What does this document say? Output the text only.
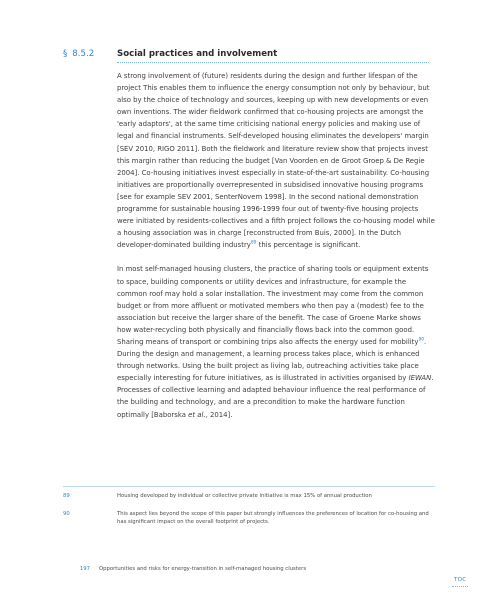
§ 8.5.2	Social practices and involvement

A strong involvement of (future) residents during the design and further lifespan of the project This enables them to influence the energy consumption not only by behaviour, but also by the choice of technology and sources, keeping up with new developments or even own inventions. The wider fieldwork confirmed that co-housing projects are amongst the 'early adaptors', at the same time criticising national energy policies and making use of legal and financial instruments. Self-developed housing eliminates the developers' margin [SEV 2010, RIGO 2011]. Both the fieldwork and literature review show that projects invest this margin rather than reducing the budget [Van Voorden en de Groot Groep & De Regie 2004]. Co-housing initiatives invest especially in state-of-the-art sustainability. Co-housing initiatives are proportionally overrepresented in subsidised innovative housing programs [see for example SEV 2001, SenterNovem 1998]. In the second national demonstration programme for sustainable housing 1996-1999 four out of twenty-five housing projects were initiated by residents-collectives and a fifth project follows the co-housing model while a housing association was in charge [reconstructed from Buis, 2000]. In the Dutch developer-dominated building industry$^{89}$ this percentage is significant.

In most self-managed housing clusters, the practice of sharing tools or equipment extents to space, building components or utility devices and infrastructure, for example the common roof may hold a solar installation. The investment may come from the common budget or from more affluent or motivated members who then pay a (modest) fee to the association but receive the larger share of the benefit. The case of Groene Marke shows how water-recycling both physically and financially flows back into the common good. Sharing means of transport or combining trips also affects the energy used for mobility$^{90}$. During the design and management, a learning process takes place, which is enhanced through networks. Using the built project as living lab, outreaching activities take place especially interesting for future initiatives, as is illustrated in activities organised by IEWAN. Processes of collective learning and adapted behaviour influence the real performance of the building and technology, and are a precondition to make the hardware function optimally [Baborska et al., 2014].

89	Housing developed by individual or collective private initiative is max 15% of annual production
90	This aspect lies beyond the scope of this paper but strongly influences the preferences of location for co-housing and has significant impact on the overall footprint of projects.
197	Opportunities and risks for energy-transition in self-managed housing clusters
TOC
